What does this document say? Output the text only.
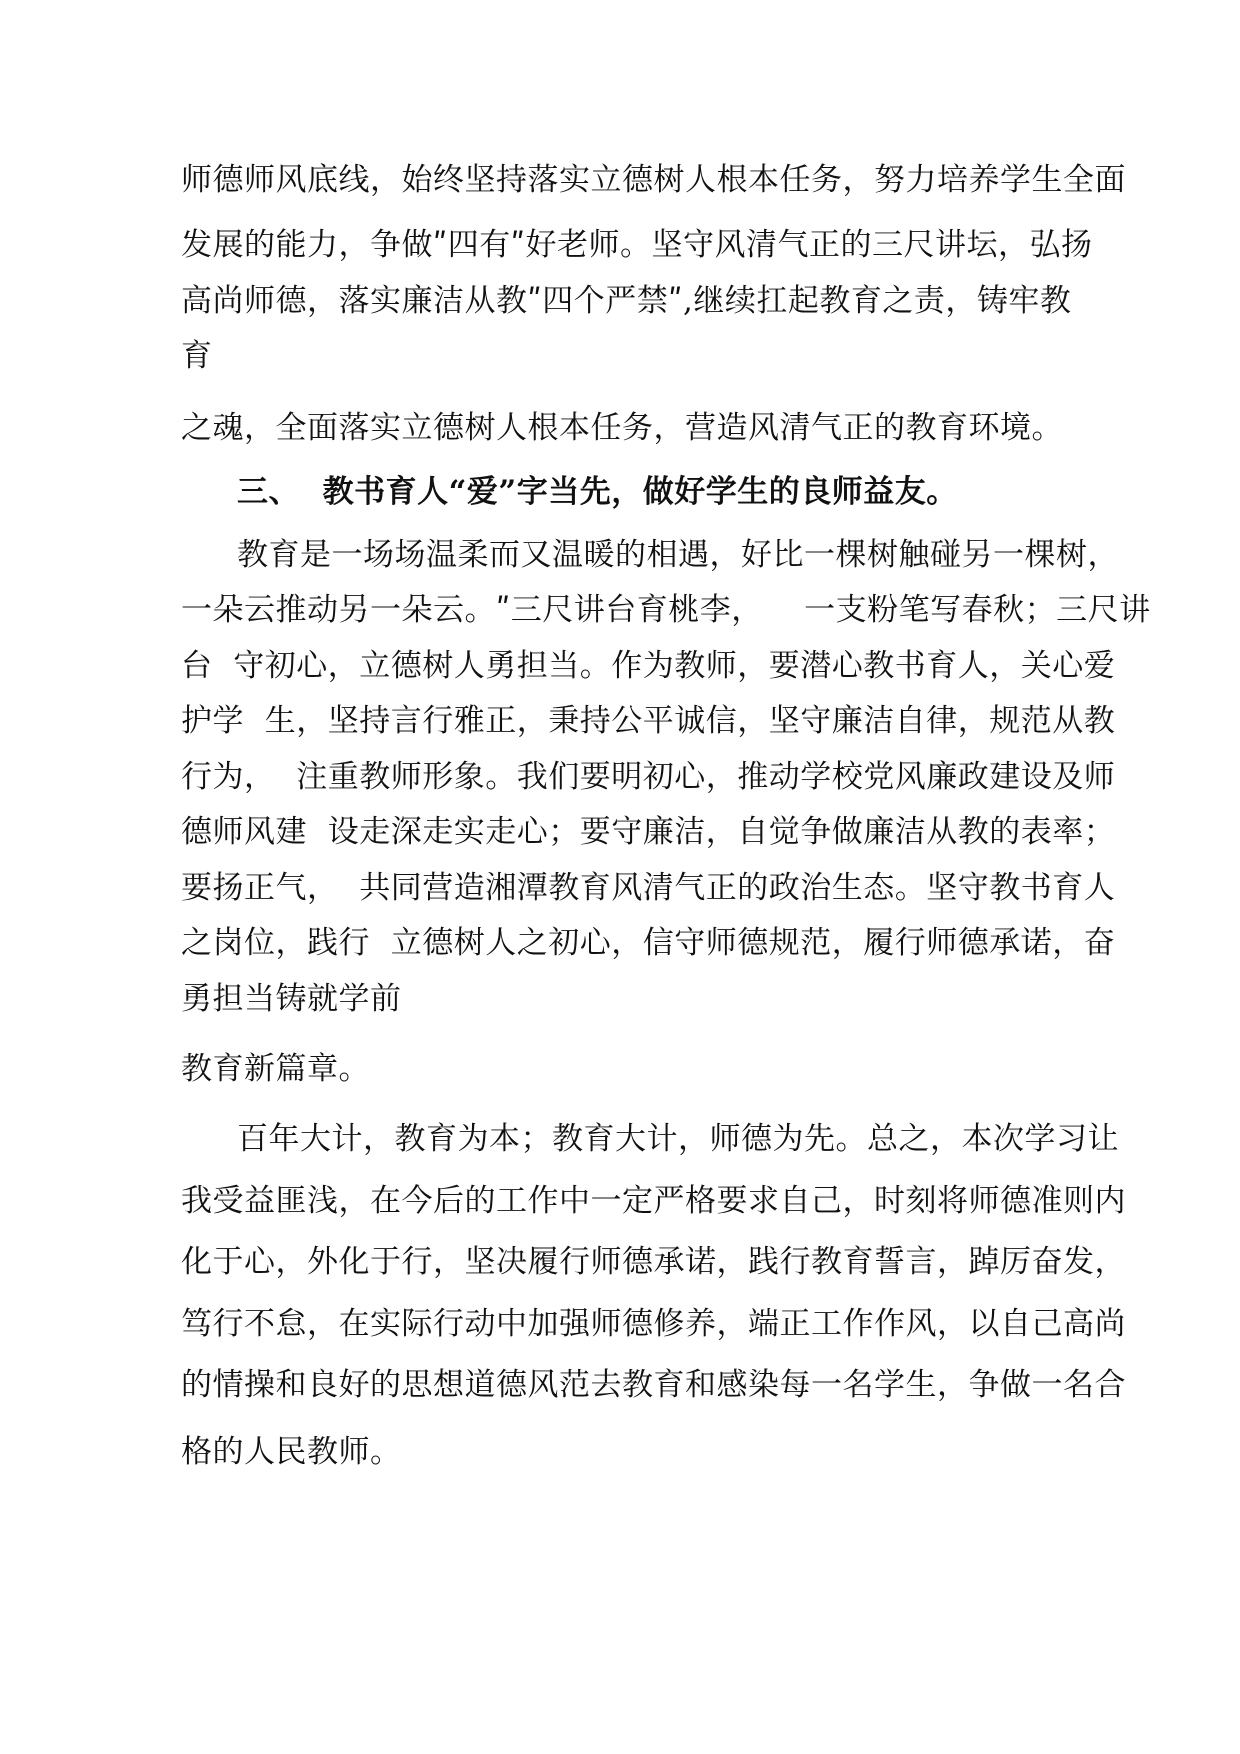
师德师风底线，始终坚持落实立德树人根本任务，努力培养学生全面
发展的能力，争做ʺ四有ʺ好老师。坚守风清气正的三尺讲坛，弘扬
高尚师德，落实廉洁从教ʺ四个严禁ʺ,继续扛起教育之责，铸牢教
育
之魂，全面落实立德树人根本任务，营造风清气正的教育环境。
三、  教书育人“爱”字当先，做好学生的良师益友。
教育是一场场温柔而又温暖的相遇，好比一棵树触碰另一棵树，
一朵云推动另一朵云。ʺ三尺讲台育桃李，    一支粉笔写春秋；三尺讲
台  守初心，立德树人勇担当。作为教师，要潜心教书育人，关心爱
护学  生，坚持言行雅正，秉持公平诚信，坚守廉洁自律，规范从教
行为，  注重教师形象。我们要明初心，推动学校党风廉政建设及师
德师风建  设走深走实走心；要守廉洁，自觉争做廉洁从教的表率；
要扬正气，  共同营造湘潭教育风清气正的政治生态。坚守教书育人
之岗位，践行  立德树人之初心，信守师德规范，履行师德承诺，奋
勇担当铸就学前
教育新篇章。
百年大计，教育为本；教育大计，师德为先。总之，本次学习让
我受益匪浅，在今后的工作中一定严格要求自己，时刻将师德准则内
化于心，外化于行，坚决履行师德承诺，践行教育誓言，踔厉奋发，
笃行不怠，在实际行动中加强师德修养，端正工作作风，以自己高尚
的情操和良好的思想道德风范去教育和感染每一名学生，争做一名合
格的人民教师。
